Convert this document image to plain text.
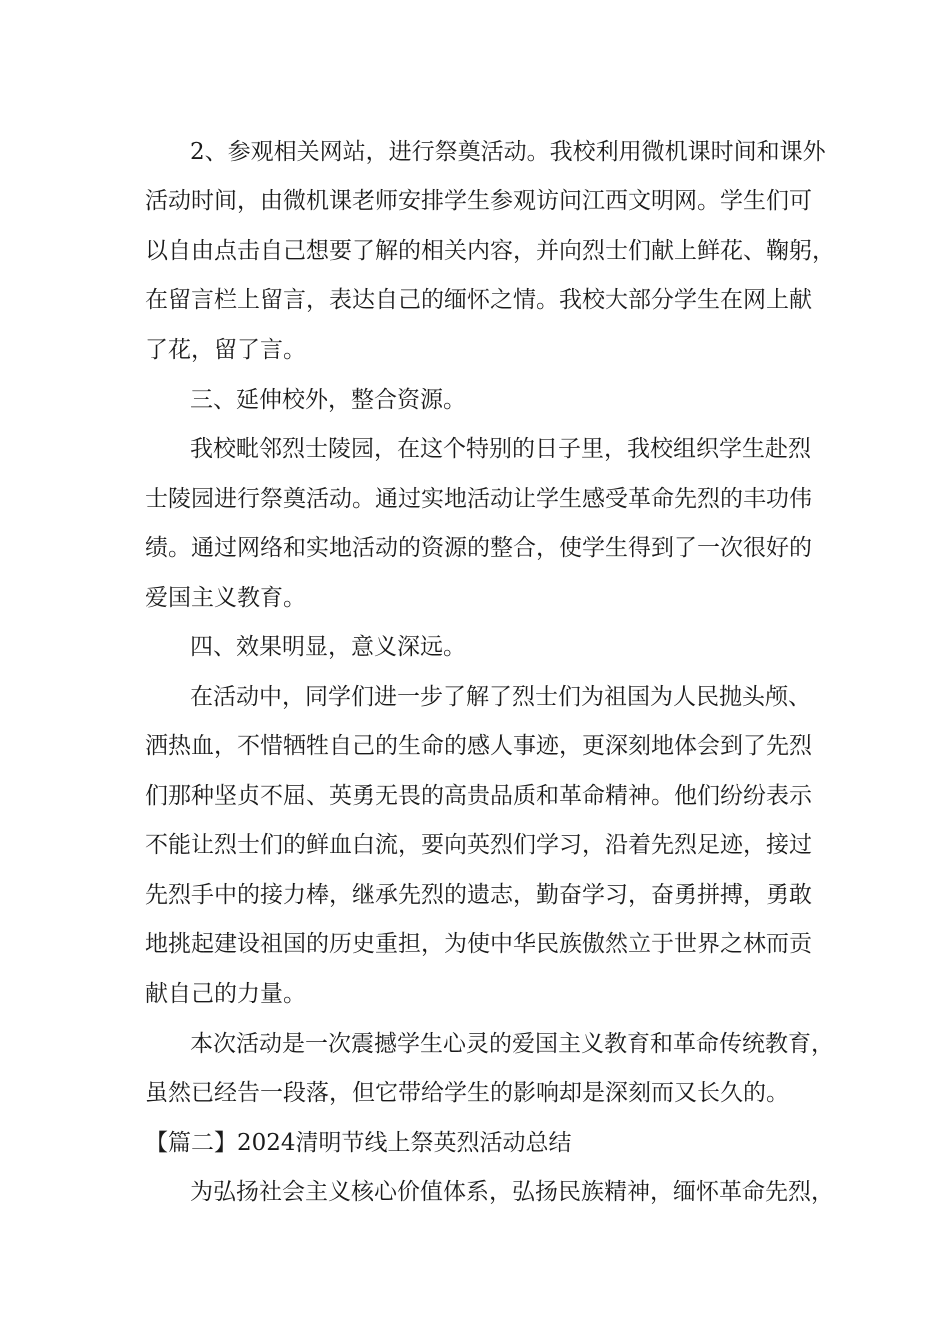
2、参观相关网站，进行祭奠活动。我校利用微机课时间和课外
活动时间，由微机课老师安排学生参观访问江西文明网。学生们可
以自由点击自己想要了解的相关内容，并向烈士们献上鲜花、鞠躬，
在留言栏上留言，表达自己的缅怀之情。我校大部分学生在网上献
了花，留了言。
三、延伸校外，整合资源。
我校毗邻烈士陵园，在这个特别的日子里，我校组织学生赴烈
士陵园进行祭奠活动。通过实地活动让学生感受革命先烈的丰功伟
绩。通过网络和实地活动的资源的整合，使学生得到了一次很好的
爱国主义教育。
四、效果明显，意义深远。
在活动中，同学们进一步了解了烈士们为祖国为人民抛头颅、
洒热血，不惜牺牲自己的生命的感人事迹，更深刻地体会到了先烈
们那种坚贞不屈、英勇无畏的高贵品质和革命精神。他们纷纷表示
不能让烈士们的鲜血白流，要向英烈们学习，沿着先烈足迹，接过
先烈手中的接力棒，继承先烈的遗志，勤奋学习，奋勇拼搏，勇敢
地挑起建设祖国的历史重担，为使中华民族傲然立于世界之林而贡
献自己的力量。
本次活动是一次震撼学生心灵的爱国主义教育和革命传统教育，
虽然已经告一段落，但它带给学生的影响却是深刻而又长久的。
【篇二】2024清明节线上祭英烈活动总结
为弘扬社会主义核心价值体系，弘扬民族精神，缅怀革命先烈，
